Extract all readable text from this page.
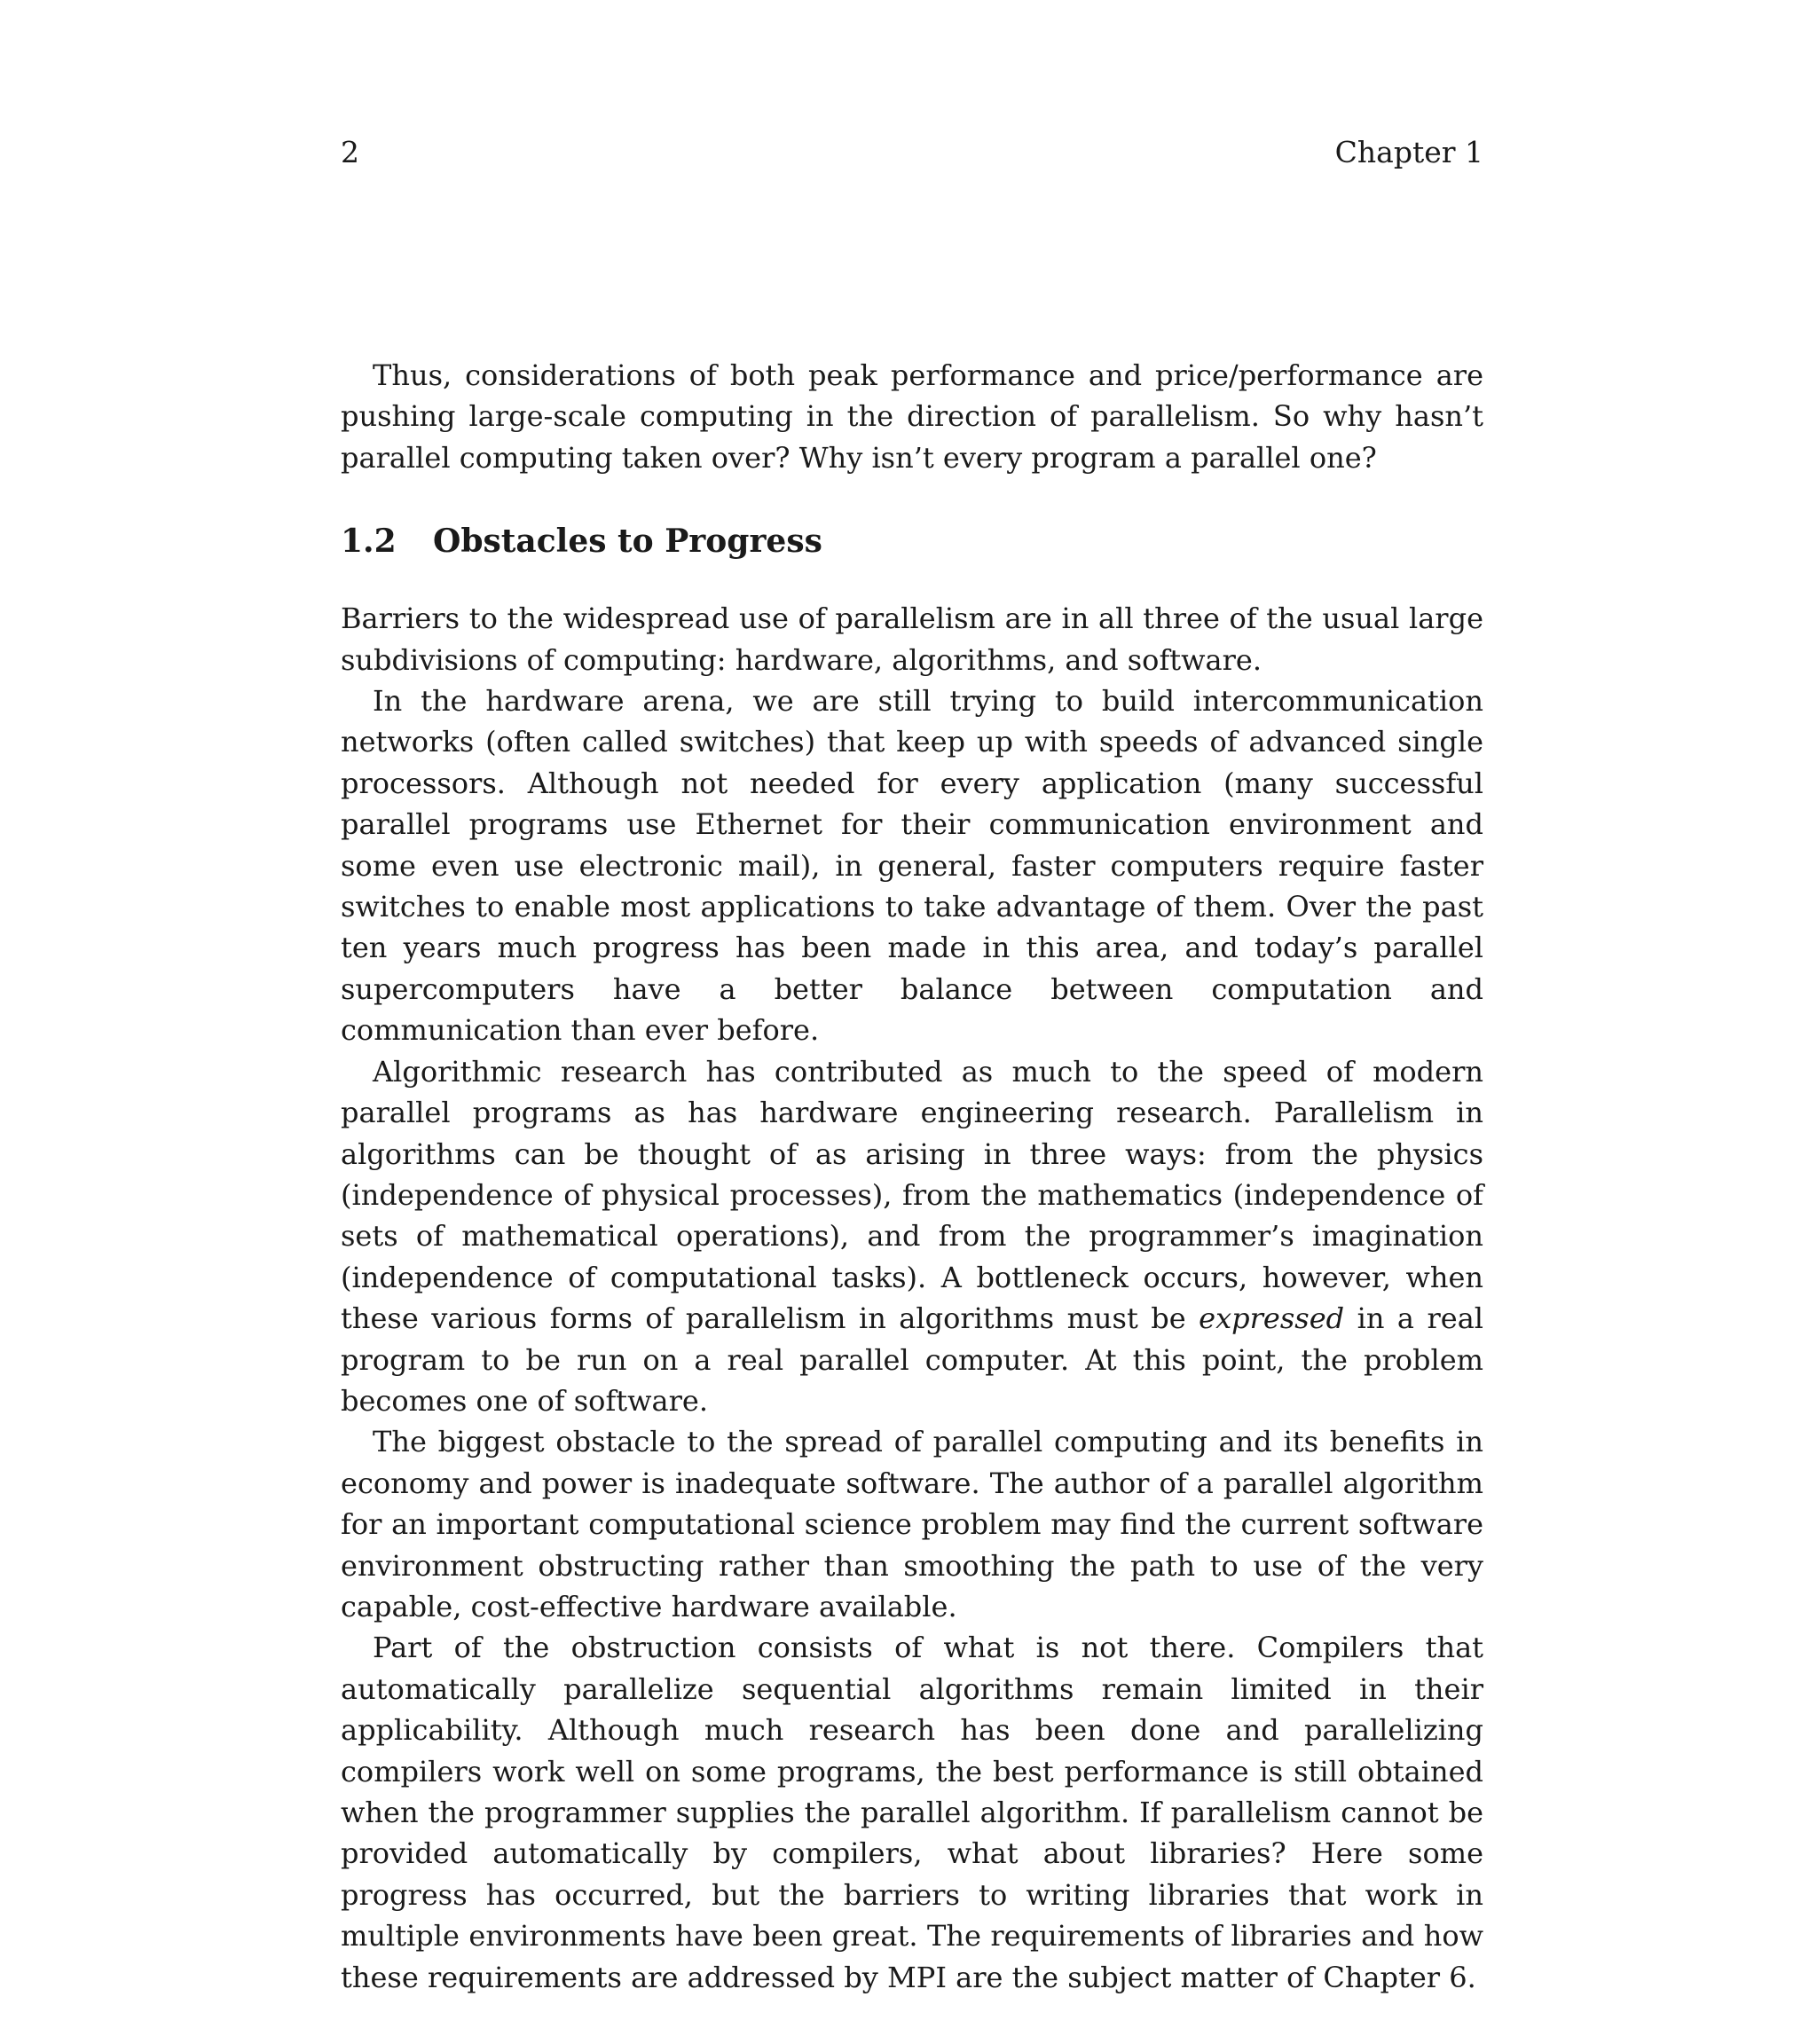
2	Chapter 1

Thus, considerations of both peak performance and price/performance are pushing large-scale computing in the direction of parallelism. So why hasn’t parallel computing taken over? Why isn’t every program a parallel one?

1.2 Obstacles to Progress

Barriers to the widespread use of parallelism are in all three of the usual large subdivisions of computing: hardware, algorithms, and software.

In the hardware arena, we are still trying to build intercommunication networks (often called switches) that keep up with speeds of advanced single processors. Although not needed for every application (many successful parallel programs use Ethernet for their communication environment and some even use electronic mail), in general, faster computers require faster switches to enable most applications to take advantage of them. Over the past ten years much progress has been made in this area, and today’s parallel supercomputers have a better balance between computation and communication than ever before.

Algorithmic research has contributed as much to the speed of modern parallel programs as has hardware engineering research. Parallelism in algorithms can be thought of as arising in three ways: from the physics (independence of physical processes), from the mathematics (independence of sets of mathematical operations), and from the programmer’s imagination (independence of computational tasks). A bottleneck occurs, however, when these various forms of parallelism in algorithms must be expressed in a real program to be run on a real parallel computer. At this point, the problem becomes one of software.

The biggest obstacle to the spread of parallel computing and its benefits in economy and power is inadequate software. The author of a parallel algorithm for an important computational science problem may find the current software environment obstructing rather than smoothing the path to use of the very capable, cost-effective hardware available.

Part of the obstruction consists of what is not there. Compilers that automatically parallelize sequential algorithms remain limited in their applicability. Although much research has been done and parallelizing compilers work well on some programs, the best performance is still obtained when the programmer supplies the parallel algorithm. If parallelism cannot be provided automatically by compilers, what about libraries? Here some progress has occurred, but the barriers to writing libraries that work in multiple environments have been great. The requirements of libraries and how these requirements are addressed by MPI are the subject matter of Chapter 6.
